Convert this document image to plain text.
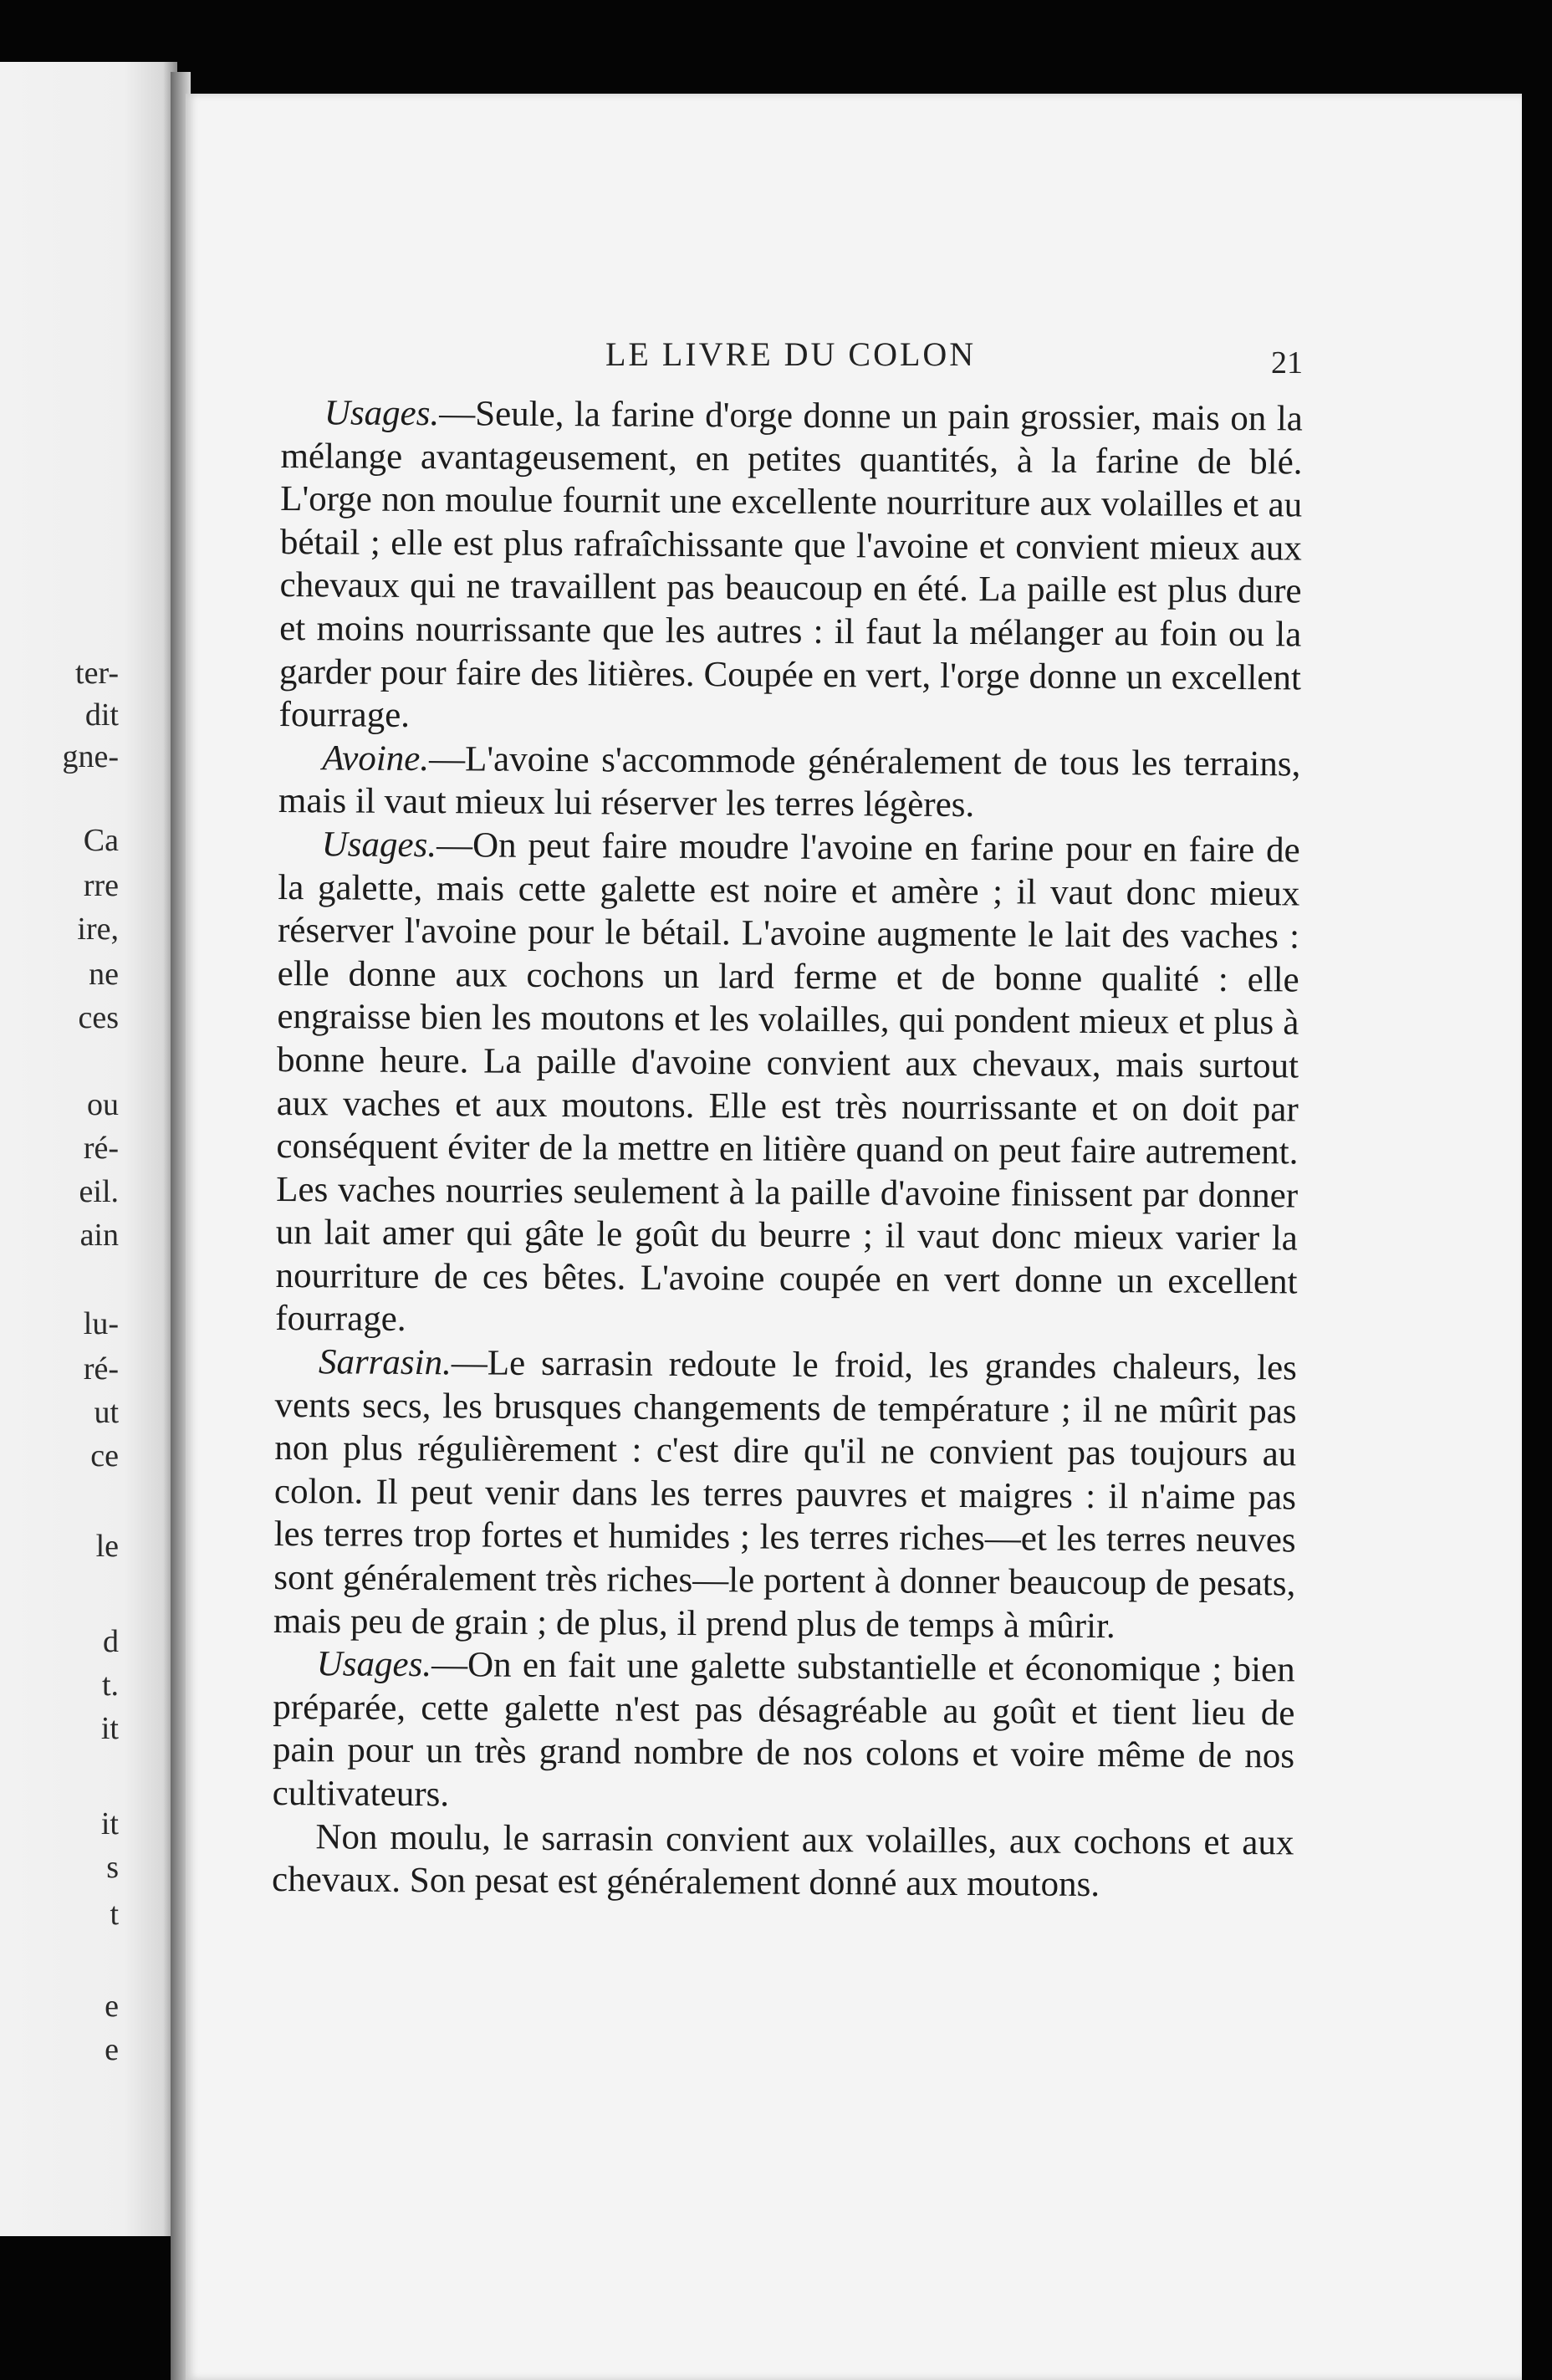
ter-
dit
gne-
Ca
rre
ire,
ne
ces
ou
ré-
eil.
ain
lu-
ré-
ut
ce
le
d
t.
it
it
s
t
e
e
LE LIVRE DU COLON	21

Usages.—Seule, la farine d'orge donne un pain grossier, mais on la mélange avantageusement, en petites quantités, à la farine de blé. L'orge non moulue fournit une excellente nourriture aux volailles et au bétail ; elle est plus rafraîchissante que l'avoine et convient mieux aux chevaux qui ne travaillent pas beaucoup en été. La paille est plus dure et moins nourrissante que les autres : il faut la mélanger au foin ou la garder pour faire des litières. Coupée en vert, l'orge donne un excellent fourrage.

Avoine.—L'avoine s'accommode généralement de tous les terrains, mais il vaut mieux lui réserver les terres légères.

Usages.—On peut faire moudre l'avoine en farine pour en faire de la galette, mais cette galette est noire et amère ; il vaut donc mieux réserver l'avoine pour le bétail. L'avoine augmente le lait des vaches : elle donne aux cochons un lard ferme et de bonne qualité : elle engraisse bien les moutons et les volailles, qui pondent mieux et plus à bonne heure. La paille d'avoine convient aux chevaux, mais surtout aux vaches et aux moutons. Elle est très nourrissante et on doit par conséquent éviter de la mettre en litière quand on peut faire autrement. Les vaches nourries seulement à la paille d'avoine finissent par donner un lait amer qui gâte le goût du beurre ; il vaut donc mieux varier la nourriture de ces bêtes. L'avoine coupée en vert donne un excellent fourrage.

Sarrasin.—Le sarrasin redoute le froid, les grandes chaleurs, les vents secs, les brusques changements de température ; il ne mûrit pas non plus régulièrement : c'est dire qu'il ne convient pas toujours au colon. Il peut venir dans les terres pauvres et maigres : il n'aime pas les terres trop fortes et humides ; les terres riches—et les terres neuves sont généralement très riches—le portent à donner beaucoup de pesats, mais peu de grain ; de plus, il prend plus de temps à mûrir.

Usages.—On en fait une galette substantielle et économique ; bien préparée, cette galette n'est pas désagréable au goût et tient lieu de pain pour un très grand nombre de nos colons et voire même de nos cultivateurs.

Non moulu, le sarrasin convient aux volailles, aux cochons et aux chevaux. Son pesat est généralement donné aux moutons.
